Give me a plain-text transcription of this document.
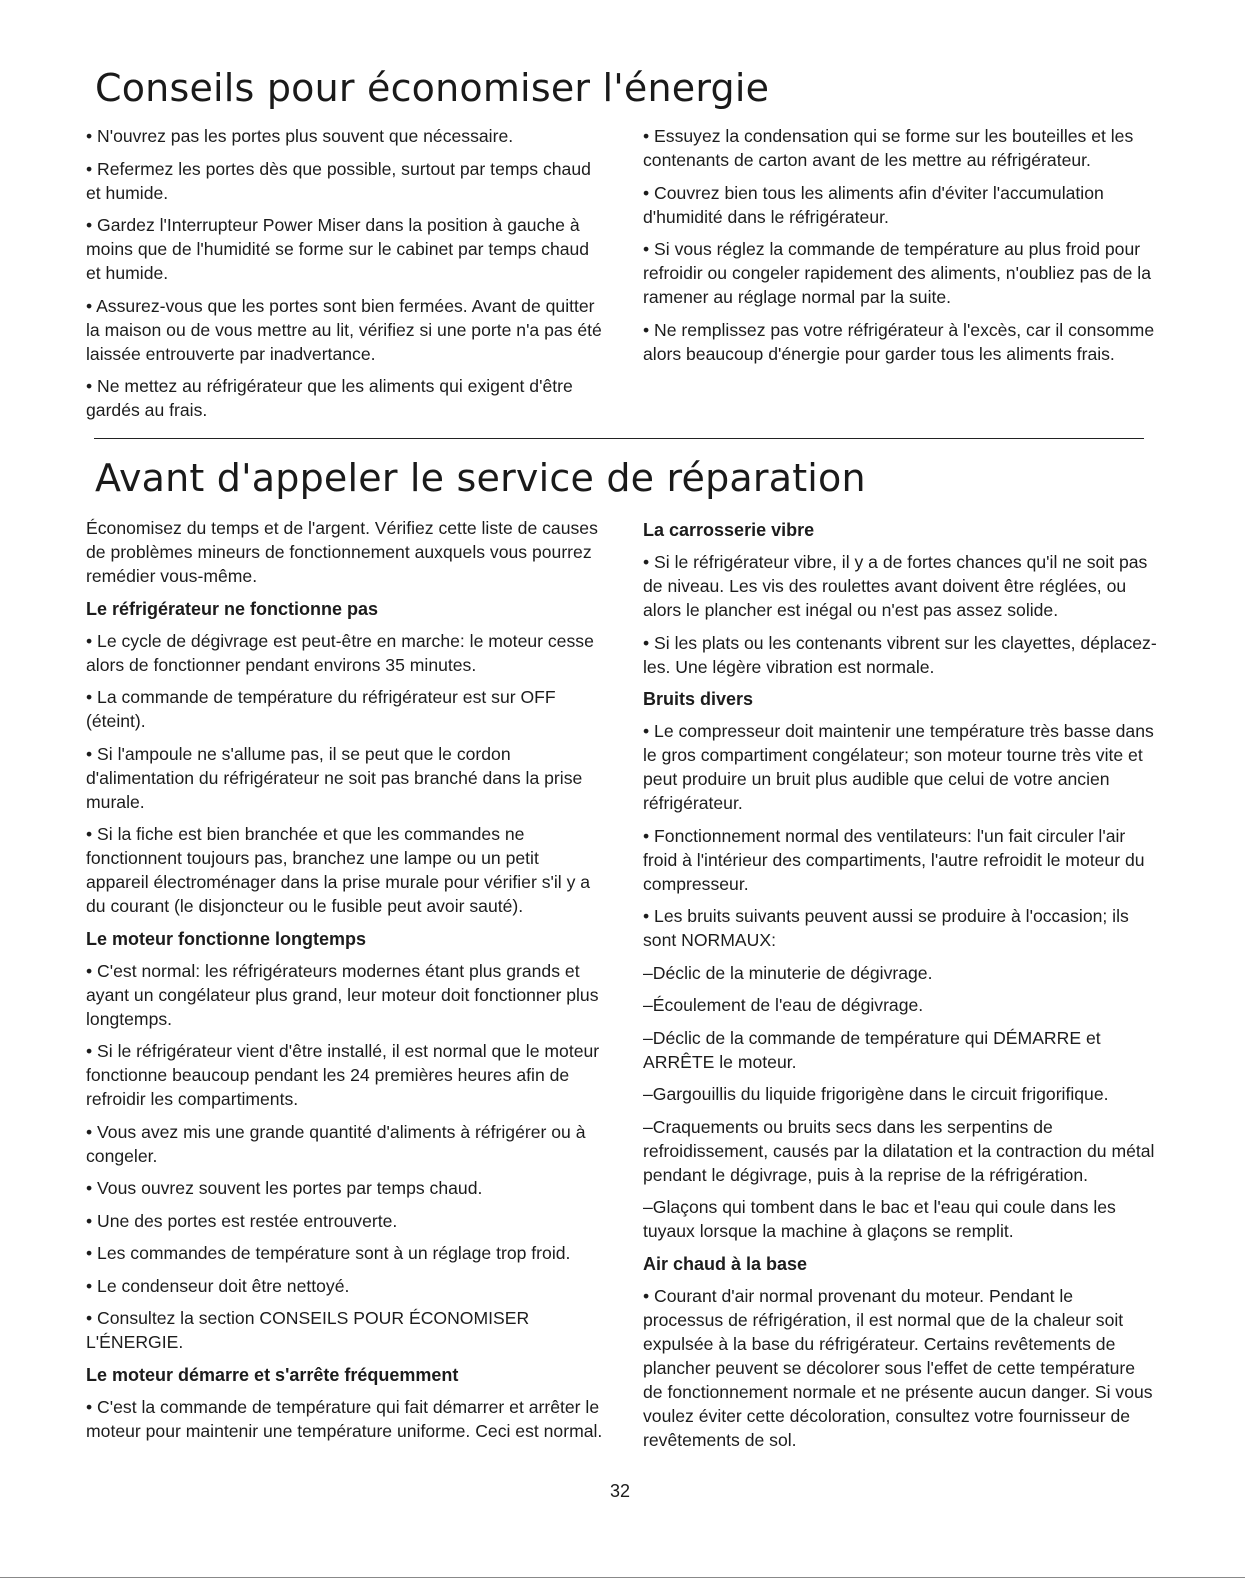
Conseils pour économiser l'énergie

• N'ouvrez pas les portes plus souvent que nécessaire.

• Refermez les portes dès que possible, surtout par temps chaud et humide.

• Gardez l'Interrupteur Power Miser dans la position à gauche à moins que de l'humidité se forme sur le cabinet par temps chaud et humide.

• Assurez-vous que les portes sont bien fermées. Avant de quitter la maison ou de vous mettre au lit, vérifiez si une porte n'a pas été laissée entrouverte par inadvertance.

• Ne mettez au réfrigérateur que les aliments qui exigent d'être gardés au frais.

• Essuyez la condensation qui se forme sur les bouteilles et les contenants de carton avant de les mettre au réfrigérateur.

• Couvrez bien tous les aliments afin d'éviter l'accumulation d'humidité dans le réfrigérateur.

• Si vous réglez la commande de température au plus froid pour refroidir ou congeler rapidement des aliments, n'oubliez pas de la ramener au réglage normal par la suite.

• Ne remplissez pas votre réfrigérateur à l'excès, car il consomme alors beaucoup d'énergie pour garder tous les aliments frais.

Avant d'appeler le service de réparation

Économisez du temps et de l'argent. Vérifiez cette liste de causes de problèmes mineurs de fonctionnement auxquels vous pourrez remédier vous-même.

Le réfrigérateur ne fonctionne pas

• Le cycle de dégivrage est peut-être en marche: le moteur cesse alors de fonctionner pendant environs 35 minutes.

• La commande de température du réfrigérateur est sur OFF (éteint).

• Si l'ampoule ne s'allume pas, il se peut que le cordon d'alimentation du réfrigérateur ne soit pas branché dans la prise murale.

• Si la fiche est bien branchée et que les commandes ne fonctionnent toujours pas, branchez une lampe ou un petit appareil électroménager dans la prise murale pour vérifier s'il y a du courant (le disjoncteur ou le fusible peut avoir sauté).

Le moteur fonctionne longtemps

• C'est normal: les réfrigérateurs modernes étant plus grands et ayant un congélateur plus grand, leur moteur doit fonctionner plus longtemps.

• Si le réfrigérateur vient d'être installé, il est normal que le moteur fonctionne beaucoup pendant les 24 premières heures afin de refroidir les compartiments.

• Vous avez mis une grande quantité d'aliments à réfrigérer ou à congeler.

• Vous ouvrez souvent les portes par temps chaud.

• Une des portes est restée entrouverte.

• Les commandes de température sont à un réglage trop froid.

• Le condenseur doit être nettoyé.

• Consultez la section CONSEILS POUR ÉCONOMISER L'ÉNERGIE.

Le moteur démarre et s'arrête fréquemment

• C'est la commande de température qui fait démarrer et arrêter le moteur pour maintenir une température uniforme. Ceci est normal.

La carrosserie vibre

• Si le réfrigérateur vibre, il y a de fortes chances qu'il ne soit pas de niveau. Les vis des roulettes avant doivent être réglées, ou alors le plancher est inégal ou n'est pas assez solide.

• Si les plats ou les contenants vibrent sur les clayettes, déplacez-les. Une légère vibration est normale.

Bruits divers

• Le compresseur doit maintenir une température très basse dans le gros compartiment congélateur; son moteur tourne très vite et peut produire un bruit plus audible que celui de votre ancien réfrigérateur.

• Fonctionnement normal des ventilateurs: l'un fait circuler l'air froid à l'intérieur des compartiments, l'autre refroidit le moteur du compresseur.

• Les bruits suivants peuvent aussi se produire à l'occasion; ils sont NORMAUX:

–Déclic de la minuterie de dégivrage.

–Écoulement de l'eau de dégivrage.

–Déclic de la commande de température qui DÉMARRE et ARRÊTE le moteur.

–Gargouillis du liquide frigorigène dans le circuit frigorifique.

–Craquements ou bruits secs dans les serpentins de refroidissement, causés par la dilatation et la contraction du métal pendant le dégivrage, puis à la reprise de la réfrigération.

–Glaçons qui tombent dans le bac et l'eau qui coule dans les tuyaux lorsque la machine à glaçons se remplit.

Air chaud à la base

• Courant d'air normal provenant du moteur. Pendant le processus de réfrigération, il est normal que de la chaleur soit expulsée à la base du réfrigérateur. Certains revêtements de plancher peuvent se décolorer sous l'effet de cette température de fonctionnement normale et ne présente aucun danger. Si vous voulez éviter cette décoloration, consultez votre fournisseur de revêtements de sol.

32
